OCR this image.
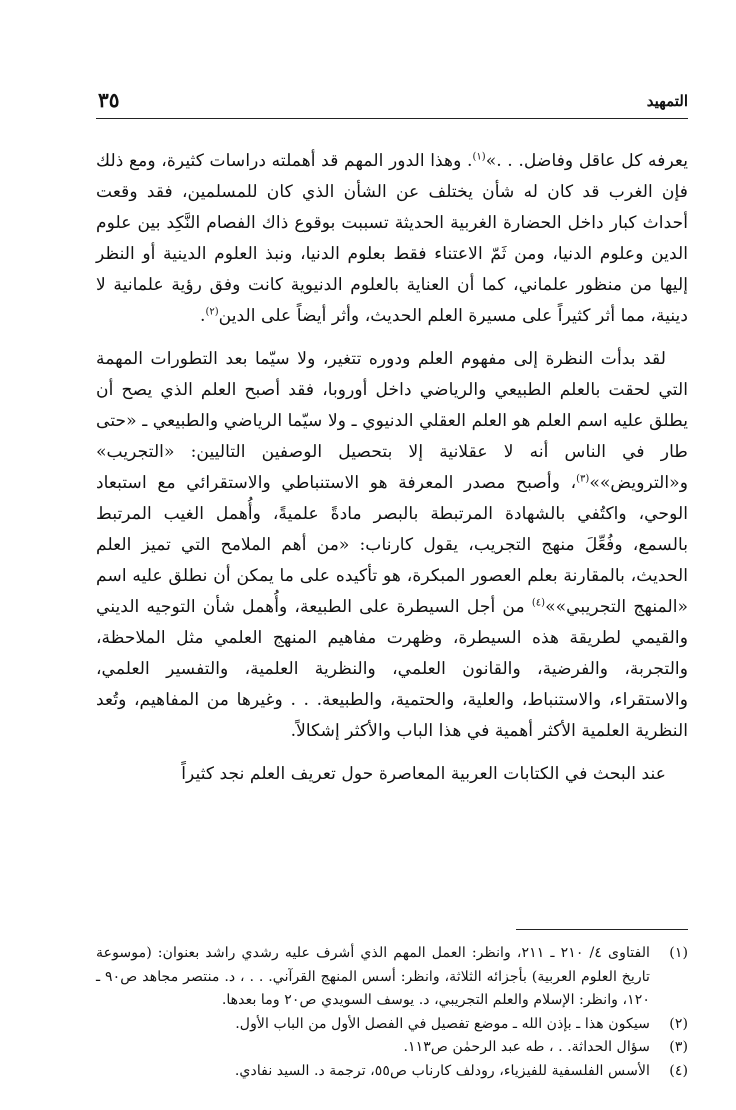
التمهيد
٣٥

يعرفه كل عاقل وفاضل. . .»$^{(١)}$. وهذا الدور المهم قد أهملته دراسات كثيرة، ومع ذلك فإن الغرب قد كان له شأن يختلف عن الشأن الذي كان للمسلمين، فقد وقعت أحداث كبار داخل الحضارة الغربية الحديثة تسببت بوقوع ذاك الفصام النَّكِد بين علوم الدين وعلوم الدنيا، ومن ثَمّ الاعتناء فقط بعلوم الدنيا، ونبذ العلوم الدينية أو النظر إليها من منظور علماني، كما أن العناية بالعلوم الدنيوية كانت وفق رؤية علمانية لا دينية، مما أثر كثيراً على مسيرة العلم الحديث، وأثر أيضاً على الدين$^{(٢)}$.

لقد بدأت النظرة إلى مفهوم العلم ودوره تتغير، ولا سيّما بعد التطورات المهمة التي لحقت بالعلم الطبيعي والرياضي داخل أوروبا، فقد أصبح العلم الذي يصح أن يطلق عليه اسم العلم هو العلم العقلي الدنيوي ـ ولا سيّما الرياضي والطبيعي ـ «حتى طار في الناس أنه لا عقلانية إلا بتحصيل الوصفين التاليين: «التجريب» و«الترويض»»$^{(٣)}$، وأصبح مصدر المعرفة هو الاستنباطي والاستقرائي مع استبعاد الوحي، واكتُفي بالشهادة المرتبطة بالبصر مادةً علميةً، وأُهمل الغيب المرتبط بالسمع، وفُعِّلَ منهج التجريب، يقول كارناب: «من أهم الملامح التي تميز العلم الحديث، بالمقارنة بعلم العصور المبكرة، هو تأكيده على ما يمكن أن نطلق عليه اسم «المنهج التجريبي»»$^{(٤)}$ من أجل السيطرة على الطبيعة، وأُهمل شأن التوجيه الديني والقيمي لطريقة هذه السيطرة، وظهرت مفاهيم المنهج العلمي مثل الملاحظة، والتجربة، والفرضية، والقانون العلمي، والنظرية العلمية، والتفسير العلمي، والاستقراء، والاستنباط، والعلية، والحتمية، والطبيعة. . . وغيرها من المفاهيم، وتُعد النظرية العلمية الأكثر أهمية في هذا الباب والأكثر إشكالاً.

عند البحث في الكتابات العربية المعاصرة حول تعريف العلم نجد كثيراً

(١)
الفتاوى ٤/ ٢١٠ ـ ٢١١، وانظر: العمل المهم الذي أشرف عليه رشدي راشد بعنوان: (موسوعة تاريخ العلوم العربية) بأجزائه الثلاثة، وانظر: أسس المنهج القرآني. . . ، د. منتصر مجاهد ص٩٠ ـ ١٢٠، وانظر: الإسلام والعلم التجريبي، د. يوسف السويدي ص٢٠ وما بعدها.
(٢)
سيكون هذا ـ بإذن الله ـ موضع تفصيل في الفصل الأول من الباب الأول.
(٣)
سؤال الحداثة. . ، طه عبد الرحمٰن ص١١٣.
(٤)
الأسس الفلسفية للفيزياء، رودلف كارناب ص٥٥، ترجمة د. السيد نفادي.
